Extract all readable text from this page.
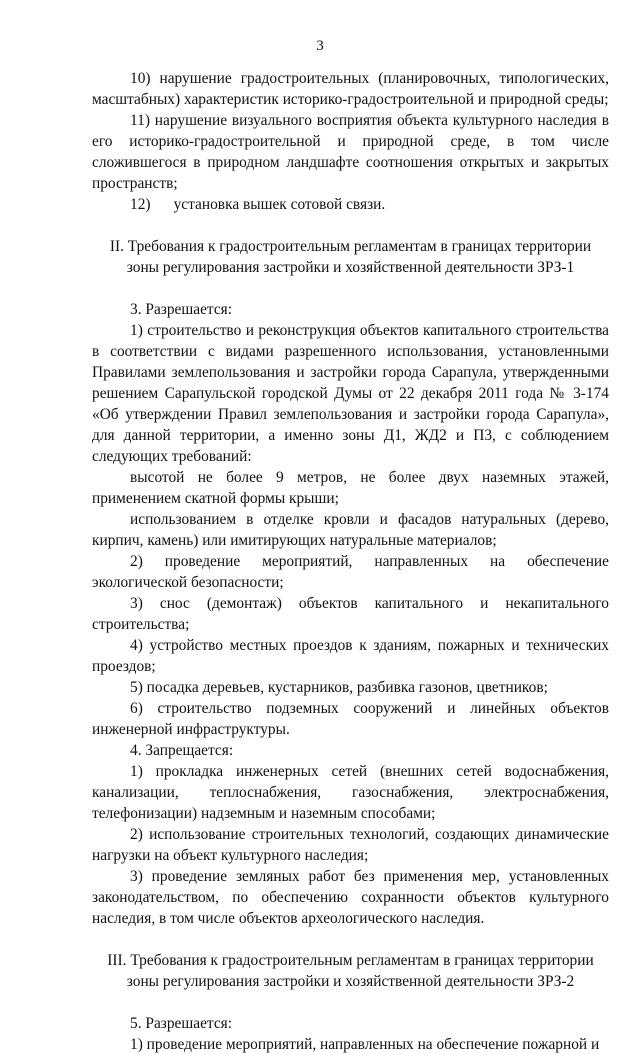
3

10) нарушение градостроительных (планировочных, типологических, масштабных) характеристик историко-градостроительной и природной среды;

11) нарушение визуального восприятия объекта культурного наследия в его историко-градостроительной и природной среде, в том числе сложившегося в природном ландшафте соотношения открытых и закрытых пространств;

12)      установка вышек сотовой связи.

II. Требования к градостроительным регламентам в границах территории зоны регулирования застройки и хозяйственной деятельности ЗРЗ-1

3. Разрешается:

1) строительство и реконструкция объектов капитального строительства в соответствии с видами разрешенного использования, установленными Правилами землепользования и застройки города Сарапула, утвержденными решением Сарапульской городской Думы от 22 декабря 2011 года № 3-174 «Об утверждении Правил землепользования и застройки города Сарапула», для данной территории, а именно зоны Д1, ЖД2 и П3, с соблюдением следующих требований:

высотой не более 9 метров, не более двух наземных этажей, применением скатной формы крыши;

использованием в отделке кровли и фасадов натуральных (дерево, кирпич, камень) или имитирующих натуральные материалов;

2) проведение мероприятий, направленных на обеспечение экологической безопасности;

3) снос (демонтаж) объектов капитального и некапитального строительства;

4) устройство местных проездов к зданиям, пожарных и технических проездов;

5) посадка деревьев, кустарников, разбивка газонов, цветников;

6) строительство подземных сооружений и линейных объектов инженерной инфраструктуры.

4. Запрещается:

1) прокладка инженерных сетей (внешних сетей водоснабжения, канализации, теплоснабжения, газоснабжения, электроснабжения, телефонизации) надземным и наземным способами;

2) использование строительных технологий, создающих динамические нагрузки на объект культурного наследия;

3) проведение земляных работ без применения мер, установленных законодательством, по обеспечению сохранности объектов культурного наследия, в том числе объектов археологического наследия.

III. Требования к градостроительным регламентам в границах территории зоны регулирования застройки и хозяйственной деятельности ЗРЗ-2

5. Разрешается:

1) проведение мероприятий, направленных на обеспечение пожарной и
